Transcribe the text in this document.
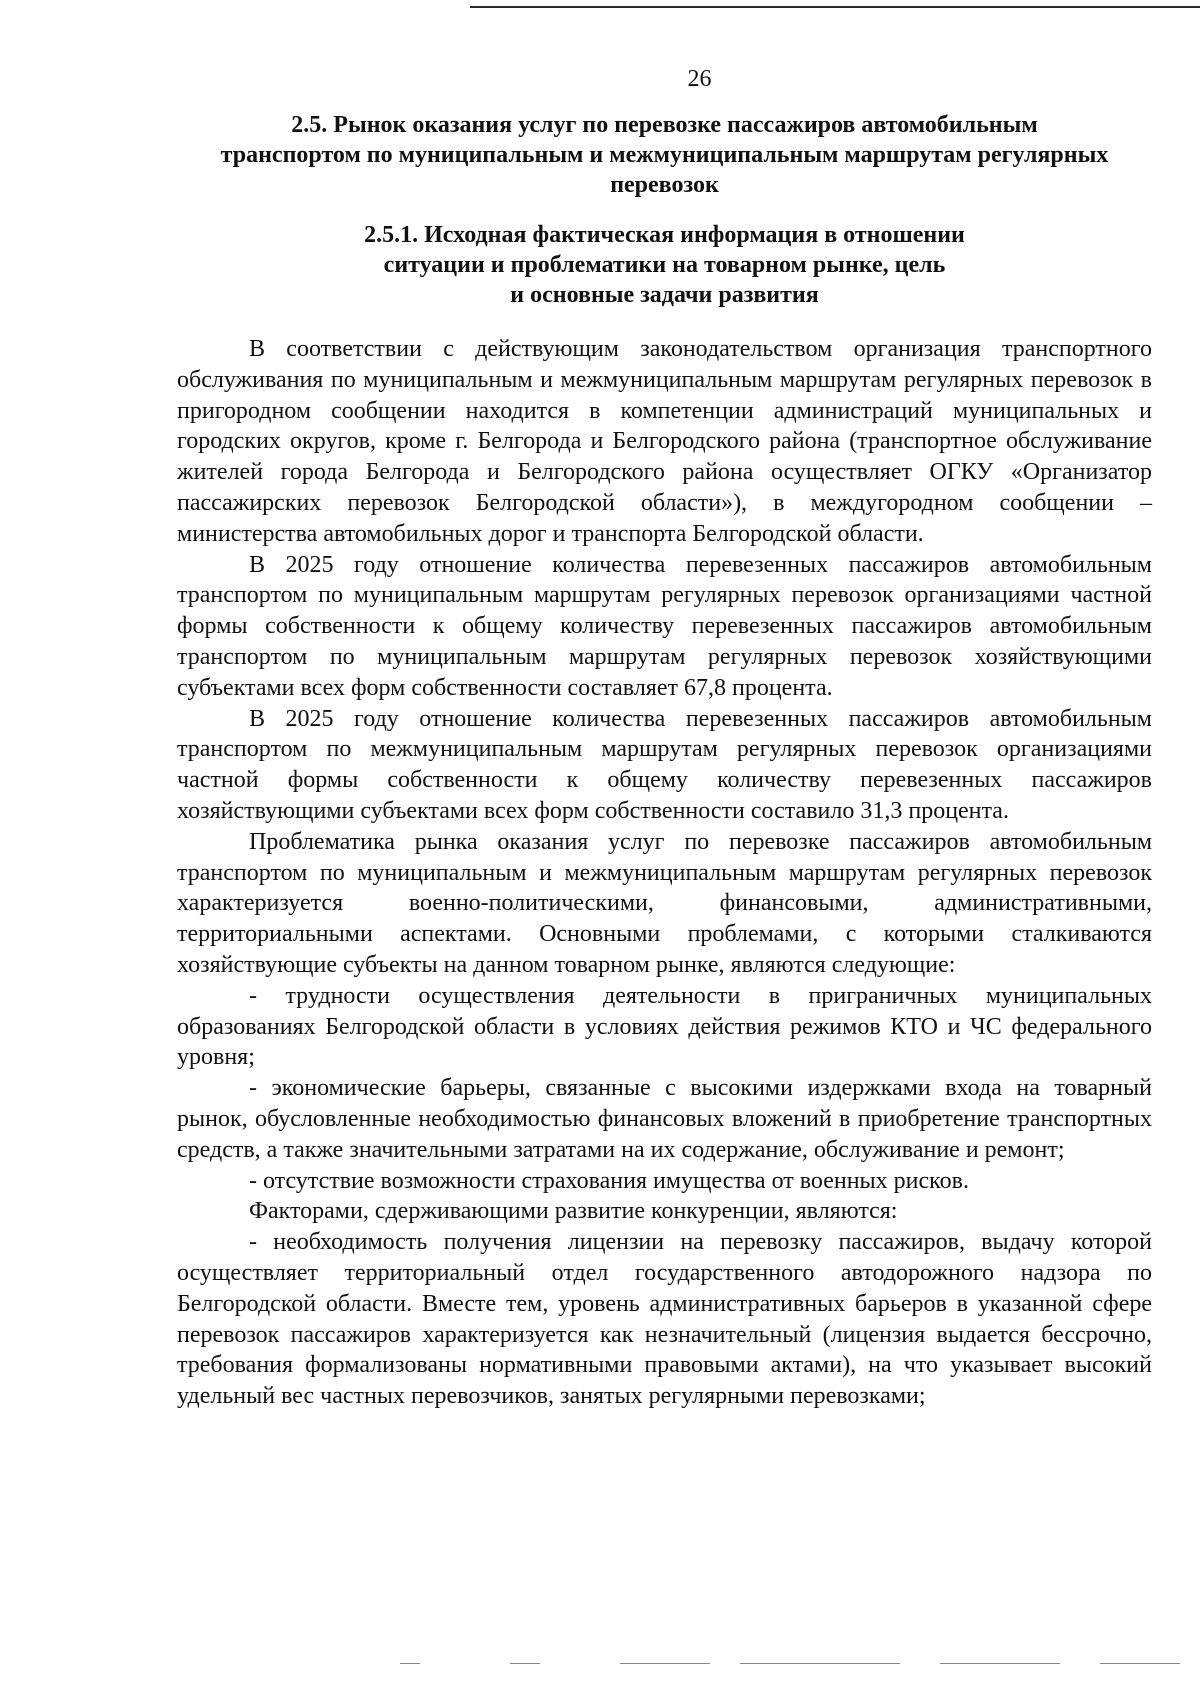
26
2.5. Рынок оказания услуг по перевозке пассажиров автомобильным
транспортом по муниципальным и межмуниципальным маршрутам регулярных
перевозок
2.5.1. Исходная фактическая информация в отношении
ситуации и проблематики на товарном рынке, цель
и основные задачи развития

В соответствии с действующим законодательством организация транспортного обслуживания по муниципальным и межмуниципальным маршрутам регулярных перевозок в пригородном сообщении находится в компетенции администраций муниципальных и городских округов, кроме г. Белгорода и Белгородского района (транспортное обслуживание жителей города Белгорода и Белгородского района осуществляет ОГКУ «Организатор пассажирских перевозок Белгородской области»), в междугородном сообщении – министерства автомобильных дорог и транспорта Белгородской области.

В 2025 году отношение количества перевезенных пассажиров автомобильным транспортом по муниципальным маршрутам регулярных перевозок организациями частной формы собственности к общему количеству перевезенных пассажиров автомобильным транспортом по муниципальным маршрутам регулярных перевозок хозяйствующими субъектами всех форм собственности составляет 67,8 процента.

В 2025 году отношение количества перевезенных пассажиров автомобильным транспортом по межмуниципальным маршрутам регулярных перевозок организациями частной формы собственности к общему количеству перевезенных пассажиров хозяйствующими субъектами всех форм собственности составило 31,3 процента.

Проблематика рынка оказания услуг по перевозке пассажиров автомобильным транспортом по муниципальным и межмуниципальным маршрутам регулярных перевозок характеризуется военно-политическими, финансовыми, административными, территориальными аспектами. Основными проблемами, с которыми сталкиваются хозяйствующие субъекты на данном товарном рынке, являются следующие:

- трудности осуществления деятельности в приграничных муниципальных образованиях Белгородской области в условиях действия режимов КТО и ЧС федерального уровня;

- экономические барьеры, связанные с высокими издержками входа на товарный рынок, обусловленные необходимостью финансовых вложений в приобретение транспортных средств, а также значительными затратами на их содержание, обслуживание и ремонт;

- отсутствие возможности страхования имущества от военных рисков.

Факторами, сдерживающими развитие конкуренции, являются:

- необходимость получения лицензии на перевозку пассажиров, выдачу которой осуществляет территориальный отдел государственного автодорожного надзора по Белгородской области. Вместе тем, уровень административных барьеров в указанной сфере перевозок пассажиров характеризуется как незначительный (лицензия выдается бессрочно, требования формализованы нормативными правовыми актами), на что указывает высокий удельный вес частных перевозчиков, занятых регулярными перевозками;
